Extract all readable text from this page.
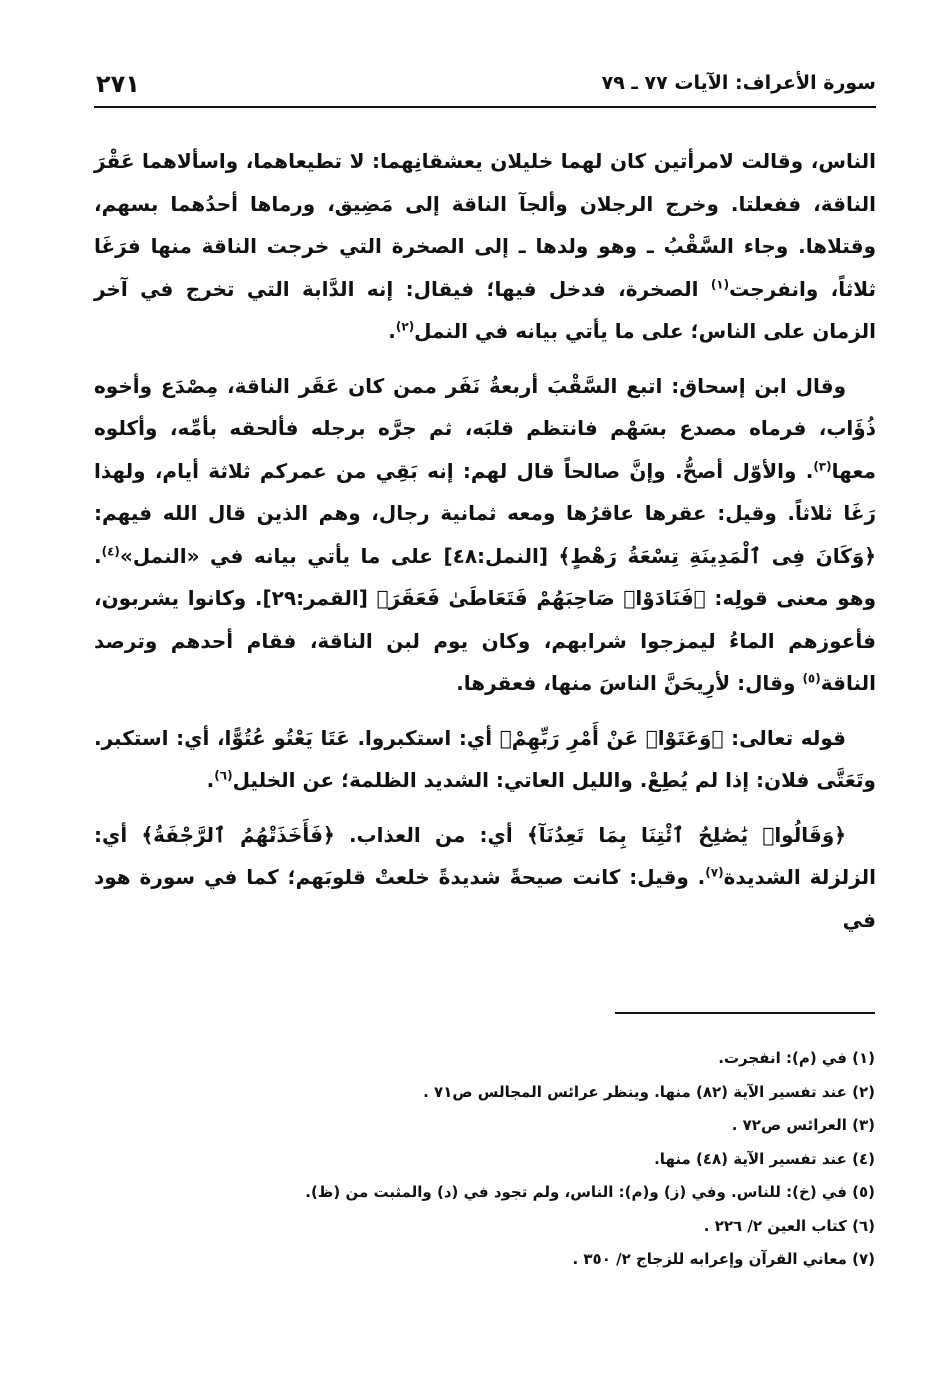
سورة الأعراف: الآيات ٧٧ ـ ٧٩
٢٧١

الناس، وقالت لامرأتين كان لهما خليلان يعشقانِهما: لا تطيعاهما، واسألاهما عَقْرَ الناقة، ففعلتا. وخرج الرجلان وألجآ الناقة إلى مَضِيق، ورماها أحدُهما بسهم، وقتلاها. وجاء السَّقْبُ ـ وهو ولدها ـ إلى الصخرة التي خرجت الناقة منها فرَغَا ثلاثاً، وانفرجت$^{(١)}$ الصخرة، فدخل فيها؛ فيقال: إنه الدَّابة التي تخرج في آخر الزمان على الناس؛ على ما يأتي بيانه في النمل$^{(٢)}$.

وقال ابن إسحاق: اتبع السَّقْبَ أربعةُ نَفَر ممن كان عَقَر الناقة، مِصْدَع وأخوه ذُؤَاب، فرماه مصدع بسَهْم فانتظم قلبَه، ثم جرَّه برجله فألحقه بأمِّه، وأكلوه معها$^{(٣)}$. والأوّل أصحُّ. وإنَّ صالحاً قال لهم: إنه بَقِي من عمركم ثلاثة أيام، ولهذا رَغَا ثلاثاً. وقيل: عقرها عاقرُها ومعه ثمانية رجال، وهم الذين قال الله فيهم: ﴿وَكَانَ فِى ٱلْمَدِينَةِ تِسْعَةُ رَهْطٍ﴾ [النمل:٤٨] على ما يأتي بيانه في «النمل»$^{(٤)}$. وهو معنى قولِه: ﴿فَنَادَوْا۟ صَاحِبَهُمْ فَتَعَاطَىٰ فَعَقَرَ﴾ [القمر:٢٩]. وكانوا يشربون، فأعوزهم الماءُ ليمزجوا شرابهم، وكان يوم لبن الناقة، فقام أحدهم وترصد الناقة$^{(٥)}$ وقال: لأرِيحَنَّ الناسَ منها، فعقرها.

قوله تعالى: ﴿وَعَتَوْا۟ عَنْ أَمْرِ رَبِّهِمْ﴾ أي: استكبروا. عَتَا يَعْتُو عُتُوًّا، أي: استكبر. وتَعَتَّى فلان: إذا لم يُطِعْ. والليل العاتي: الشديد الظلمة؛ عن الخليل$^{(٦)}$.

﴿وَقَالُوا۟ يَٰصَٰلِحُ ٱئْتِنَا بِمَا تَعِدُنَآ﴾ أي: من العذاب. ﴿فَأَخَذَتْهُمُ ٱلرَّجْفَةُ﴾ أي: الزلزلة الشديدة$^{(٧)}$. وقيل: كانت صيحةً شديدةً خلعتْ قلوبَهم؛ كما في سورة هود في

(١) في (م): انفجرت.
(٢) عند تفسير الآية (٨٢) منها. وينظر عرائس المجالس ص٧١ .
(٣) العرائس ص٧٢ .
(٤) عند تفسير الآية (٤٨) منها.
(٥) في (خ): للناس. وفي (ز) و(م): الناس، ولم تجود في (د) والمثبت من (ظ).
(٦) كتاب العين ٢/ ٢٢٦ .
(٧) معاني القرآن وإعرابه للزجاج ٢/ ٣٥٠ .
